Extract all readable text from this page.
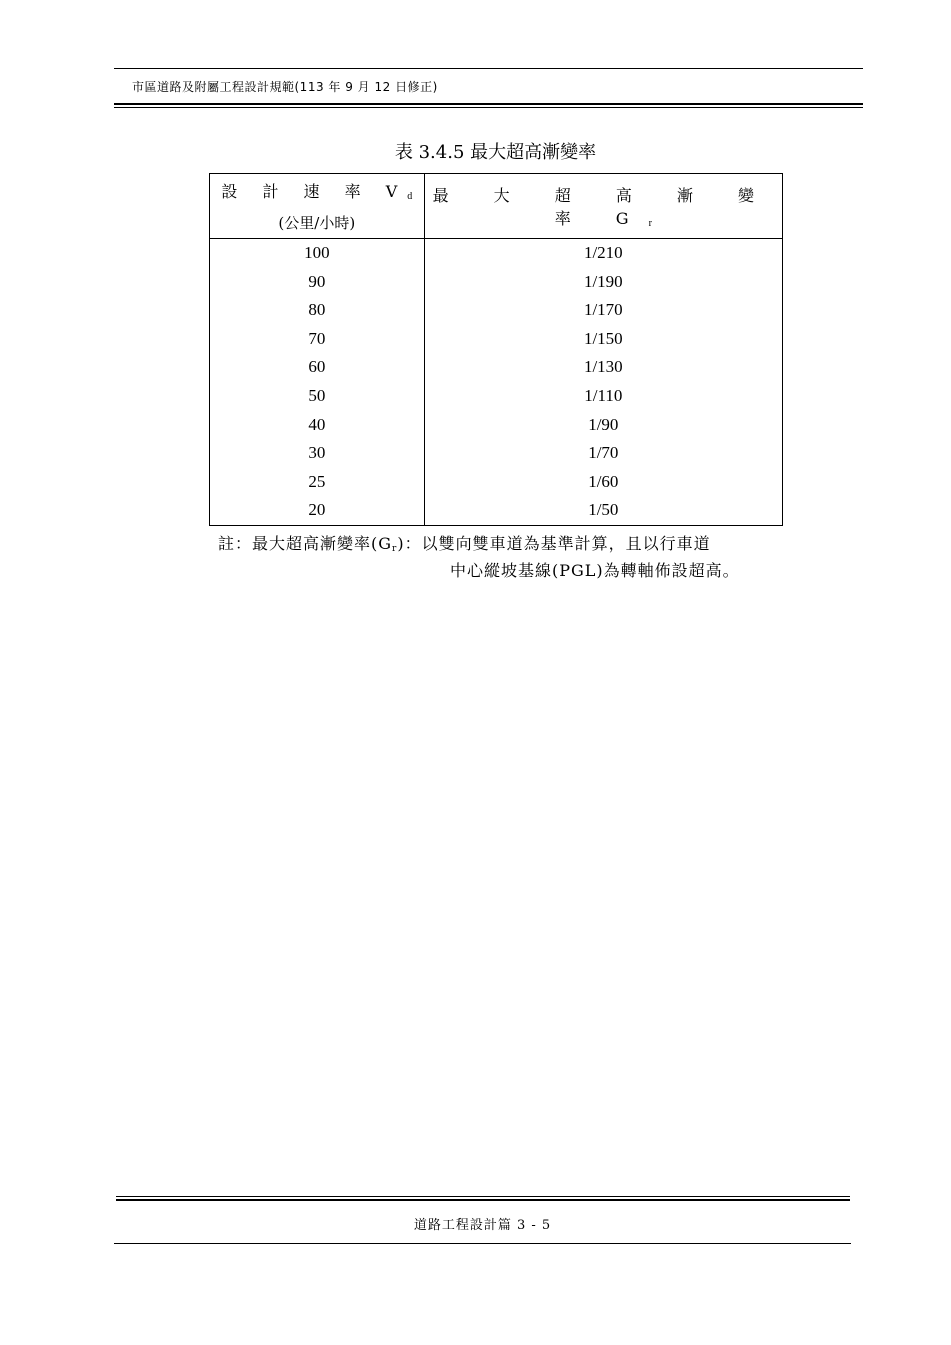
市區道路及附屬工程設計規範(113 年 9 月 12 日修正)
表 3.4.5 最大超高漸變率
設 計 速 率 Vd
(公里/小時)	最 大 超 高 漸 變 率 Gr
100	1/210
90	1/190
80	1/170
70	1/150
60	1/130
50	1/110
40	1/90
30	1/70
25	1/60
20	1/50
註：最大超高漸變率$(G_r)$：以雙向雙車道為基準計算，且以行車道
中心縱坡基線(PGL)為轉軸佈設超高。
道路工程設計篇 3 - 5
